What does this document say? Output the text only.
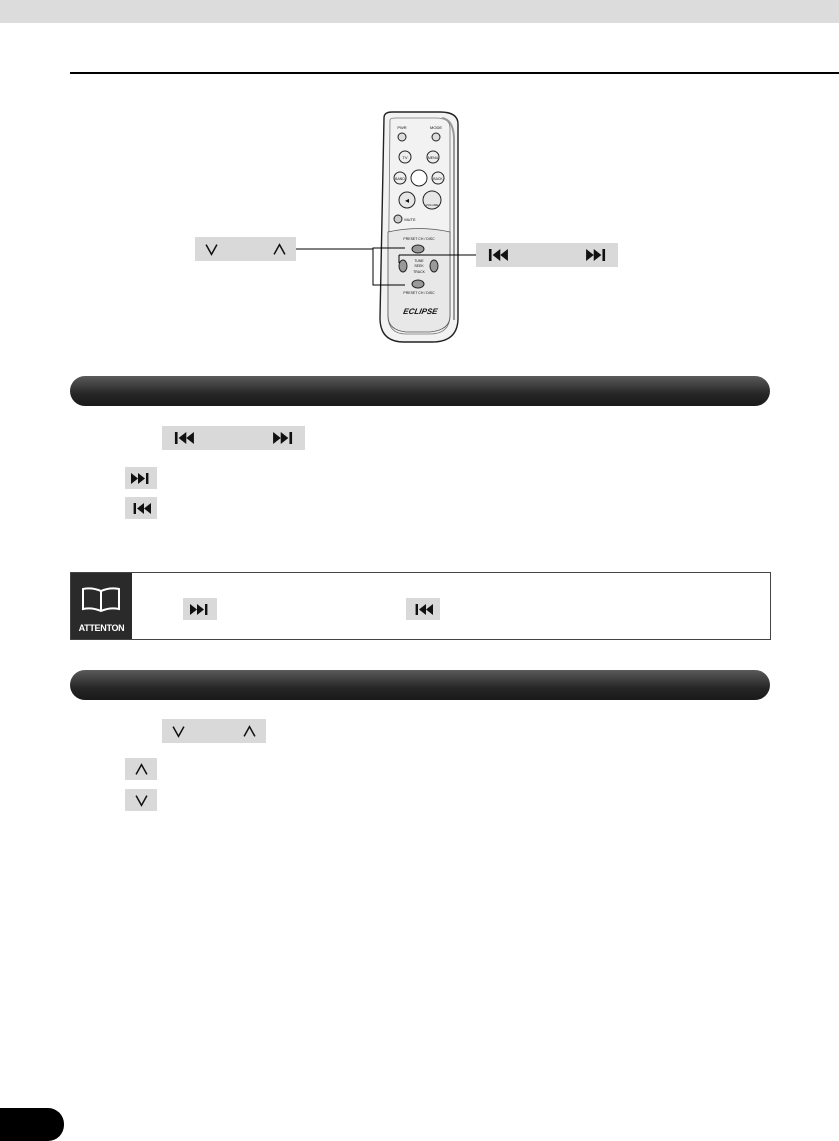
PWR	MODE
TV	MENU
BAND	BACK
◂	VOLUME
MUTE
PRESET CH / DISC
TUNE
SEEK
TRACK
PRESET CH / DISC
ECLIPSE
ATTENTON
